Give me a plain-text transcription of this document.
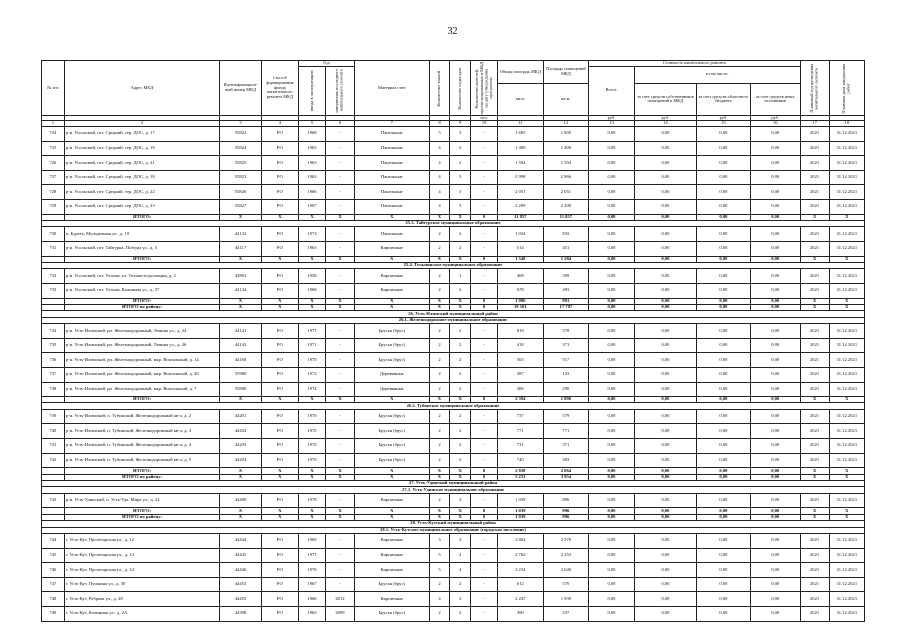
32
№ п/п	Адрес МКД	Идентификацион-ный номер МКД	Способ формирования фонда капитального ремонта МКД	Год		Материал стен	Количество этажей	Количество подъездов	Количество жителей, зарегистрированных в МКД на дату утверждения программы	Общая площадь МКД	Площадь помещений МКД	Стоимость капитального ремонта				Плановый год проведения капитального ремонта	Плановая дата завершения работ
				ввода в эксплуатацию	завершения последнего капитального ремонта							Всего:	в том числе:				
										кв.м.	кв.м.		за счет средств собственников помещений в МКД	за счет средств областного бюджета	за счет средств иных источников		
									чел.			руб.	руб.	руб.	руб.		
1	2	3	4	5	6	7	8	9	10	11	12	13	14	15	16	17	18
724	р-н. Усольский, пгт. Средний, тер. ДОС, д. 17	55822	РО	1968	-	Панельные	5	3	-	1 605	1 605	0,00	0,00	0,00	0,00	2021	31.12.2021
725	р-н. Усольский, пгт. Средний, тер. ДОС, д. 19	55824	РО	1965	-	Панельные	4	2	-	1 400	1 400	0,00	0,00	0,00	0,00	2021	31.12.2021
726	р-н. Усольский, пгт. Средний, тер. ДОС, д. 21	55825	РО	1963	-	Панельные	4	2	-	1 594	1 594	0,00	0,00	0,00	0,00	2021	31.12.2021
727	р-н. Усольский, пгт. Средний, тер. ДОС, д. 18	55823	РО	1962	-	Панельные	4	3	-	2 998	2 966	0,00	0,00	0,00	0,00	2021	31.12.2021
728	р-н. Усольский, пгт. Средний, тер. ДОС, д. 22	55826	РО	1966	-	Панельные	4	3	-	2 051	2 051	0,00	0,00	0,00	0,00	2021	31.12.2021
729	р-н. Усольский, пгт. Средний, тер. ДОС, д. 23	55827	РО	1967	-	Панельные	4	3	-	2 209	2 209	0,00	0,00	0,00	0,00	2021	31.12.2021
	ИТОГО:	X	X	X	X	X	X	X	0	11 857	11 857	0,00	0,00	0,00	0,00	X	X
25.3. Тайтурское муниципальное образование																	
730	п. Буреть, Молодежная ул., д. 19	44132	РО	1973	-	Панельные	2	2	-	1 034	833	0,00	0,00	0,00	0,00	2021	31.12.2021
731	р-н. Усольский, пгт. Тайтурка, Победы ул., д. 5	44117	РО	1963	-	Кирпичные	2	2	-	514	451	0,00	0,00	0,00	0,00	2021	31.12.2021
	ИТОГО:	X	X	X	X	X	X	X	0	1 548	1 284	0,00	0,00	0,00	0,00	X	X
25.4. Тельминское муниципальное образование																	
732	р-н. Усольский, пгт. Тельма, ул. Тельма-подстанция, д. 2	43863	РО	1958	-	Кирпичные	2	1	-	408	399	0,00	0,00	0,00	0,00	2021	31.12.2021
733	р-н. Усольский, пгт. Тельма, Калинина ул., д. 37	44134	РО	1968	-	Кирпичные	2	2	-	678	493	0,00	0,00	0,00	0,00	2021	31.12.2021
	ИТОГО:	X	X	X	X	X	X	X	0	1 086	891	0,00	0,00	0,00	0,00	X	X
	ИТОГО по району:	X	X	X	X	X	X	X	0	19 101	17 707	0,00	0,00	0,00	0,00	X	X
26. Усть-Илимский муниципальный район																	
26.1. Железнодорожное муниципальное образование																	
734	р-н. Усть-Илимский, рп. Железнодорожный, Ленина ул., д. 24	44141	РО	1971	-	Брусья (брус)	2	2	-	818	578	0,00	0,00	0,00	0,00	2021	31.12.2021
735	р-н. Усть-Илимский, рп. Железнодорожный, Ленина ул., д. 26	44142	РО	1971	-	Брусья (брус)	2	2	-	418	371	0,00	0,00	0,00	0,00	2021	31.12.2021
736	р-н. Усть-Илимский, рп. Железнодорожный, мкр. Вокзальный, д. 14	44160	РО	1970	-	Брусья (брус)	2	2	-	565	517	0,00	0,00	0,00	0,00	2021	31.12.2021
737	р-н. Усть-Илимский, рп. Железнодорожный, мкр. Вокзальный, д. 20	55980	РО	1972	-	Деревянные	2	2	-	287	133	0,00	0,00	0,00	0,00	2021	31.12.2021
738	р-н. Усть-Илимский, рп. Железнодорожный, мкр. Вокзальный, д. 7	55880	РО	1974	-	Деревянные	2	2	-	306	290	0,00	0,00	0,00	0,00	2021	31.12.2021
	ИТОГО:	X	X	X	X	X	X	X	0	2 394	1 890	0,00	0,00	0,00	0,00	X	X
26.2. Тубинское муниципальное образование																	
739	р-н. Усть-Илимский, п. Тубинский, Железнодорожный кв-л, д. 2	44201	РО	1970	-	Брусья (брус)	2	2	-	737	579	0,00	0,00	0,00	0,00	2021	31.12.2021
740	р-н. Усть-Илимский, п. Тубинский, Железнодорожный кв-л, д. 3	44202	РО	1970	-	Брусья (брус)	2	2	-	771	771	0,00	0,00	0,00	0,00	2021	31.12.2021
741	р-н. Усть-Илимский, п. Тубинский, Железнодорожный кв-л, д. 4	44203	РО	1970	-	Брусья (брус)	2	2	-	731	371	0,00	0,00	0,00	0,00	2021	31.12.2021
742	р-н. Усть-Илимский, п. Тубинский, Железнодорожный кв-л, д. 5	44204	РО	1970	-	Брусья (брус)	2	2	-	740	383	0,00	0,00	0,00	0,00	2021	31.12.2021
	ИТОГО:	X	X	X	X	X	X	X	0	2 838	2 064	0,00	0,00	0,00	0,00	X	X
	ИТОГО по району:	X	X	X	X	X	X	X	0	5 233	3 954	0,00	0,00	0,00	0,00	X	X
27. Усть-Удинский муниципальный район																	
27.1. Усть-Удинское муниципальное образование																	
743	р-н. Усть-Удинский, п. Усть-Уда, Мира ул., д. 22	44400	РО	1978	-	Кирпичные	2	3	-	1 039	896	0,00	0,00	0,00	0,00	2021	31.12.2021
	ИТОГО:	X	X	X	X	X	X	X	0	1 039	896	0,00	0,00	0,00	0,00	X	X
	ИТОГО по району:	X	X	X	X	X	X	X	0	1 039	896	0,00	0,00	0,00	0,00	X	X
28. Усть-Кутский муниципальный район																	
28.1. Усть-Кутское муниципальное образование (городское поселение)																	
744	г. Усть-Кут, Пролетарская ул., д. 12	44444	РО	1969	-	Кирпичные	3	3	-	2 864	2 570	0,00	0,00	0,00	0,00	2021	31.12.2021
745	г. Усть-Кут, Пролетарская ул., д. 13	44445	РО	1971	-	Кирпичные	5	4	-	2 762	2 253	0,00	0,00	0,00	0,00	2021	31.12.2021
746	г. Усть-Кут, Пролетарская ул., д. 14	44446	РО	1970	-	Кирпичные	5	4	-	3 234	2 640	0,00	0,00	0,00	0,00	2021	31.12.2021
747	г. Усть-Кут, Пушкина ул., д. 39	44453	РО	1967	-	Брусья (брус)	2	2	-	612	570	0,00	0,00	0,00	0,00	2021	31.12.2021
748	г. Усть-Кут, Реброва ул., д. 28	44455	РО	1966	2012	Кирпичные	4	3	-	2 247	1 939	0,00	0,00	0,00	0,00	2021	31.12.2021
749	г. Усть-Кут, Калинина ул., д. 2А	44398	РО	1963	2009	Брусья (брус)	2	2	-	390	337	0,00	0,00	0,00	0,00	2021	31.12.2021
